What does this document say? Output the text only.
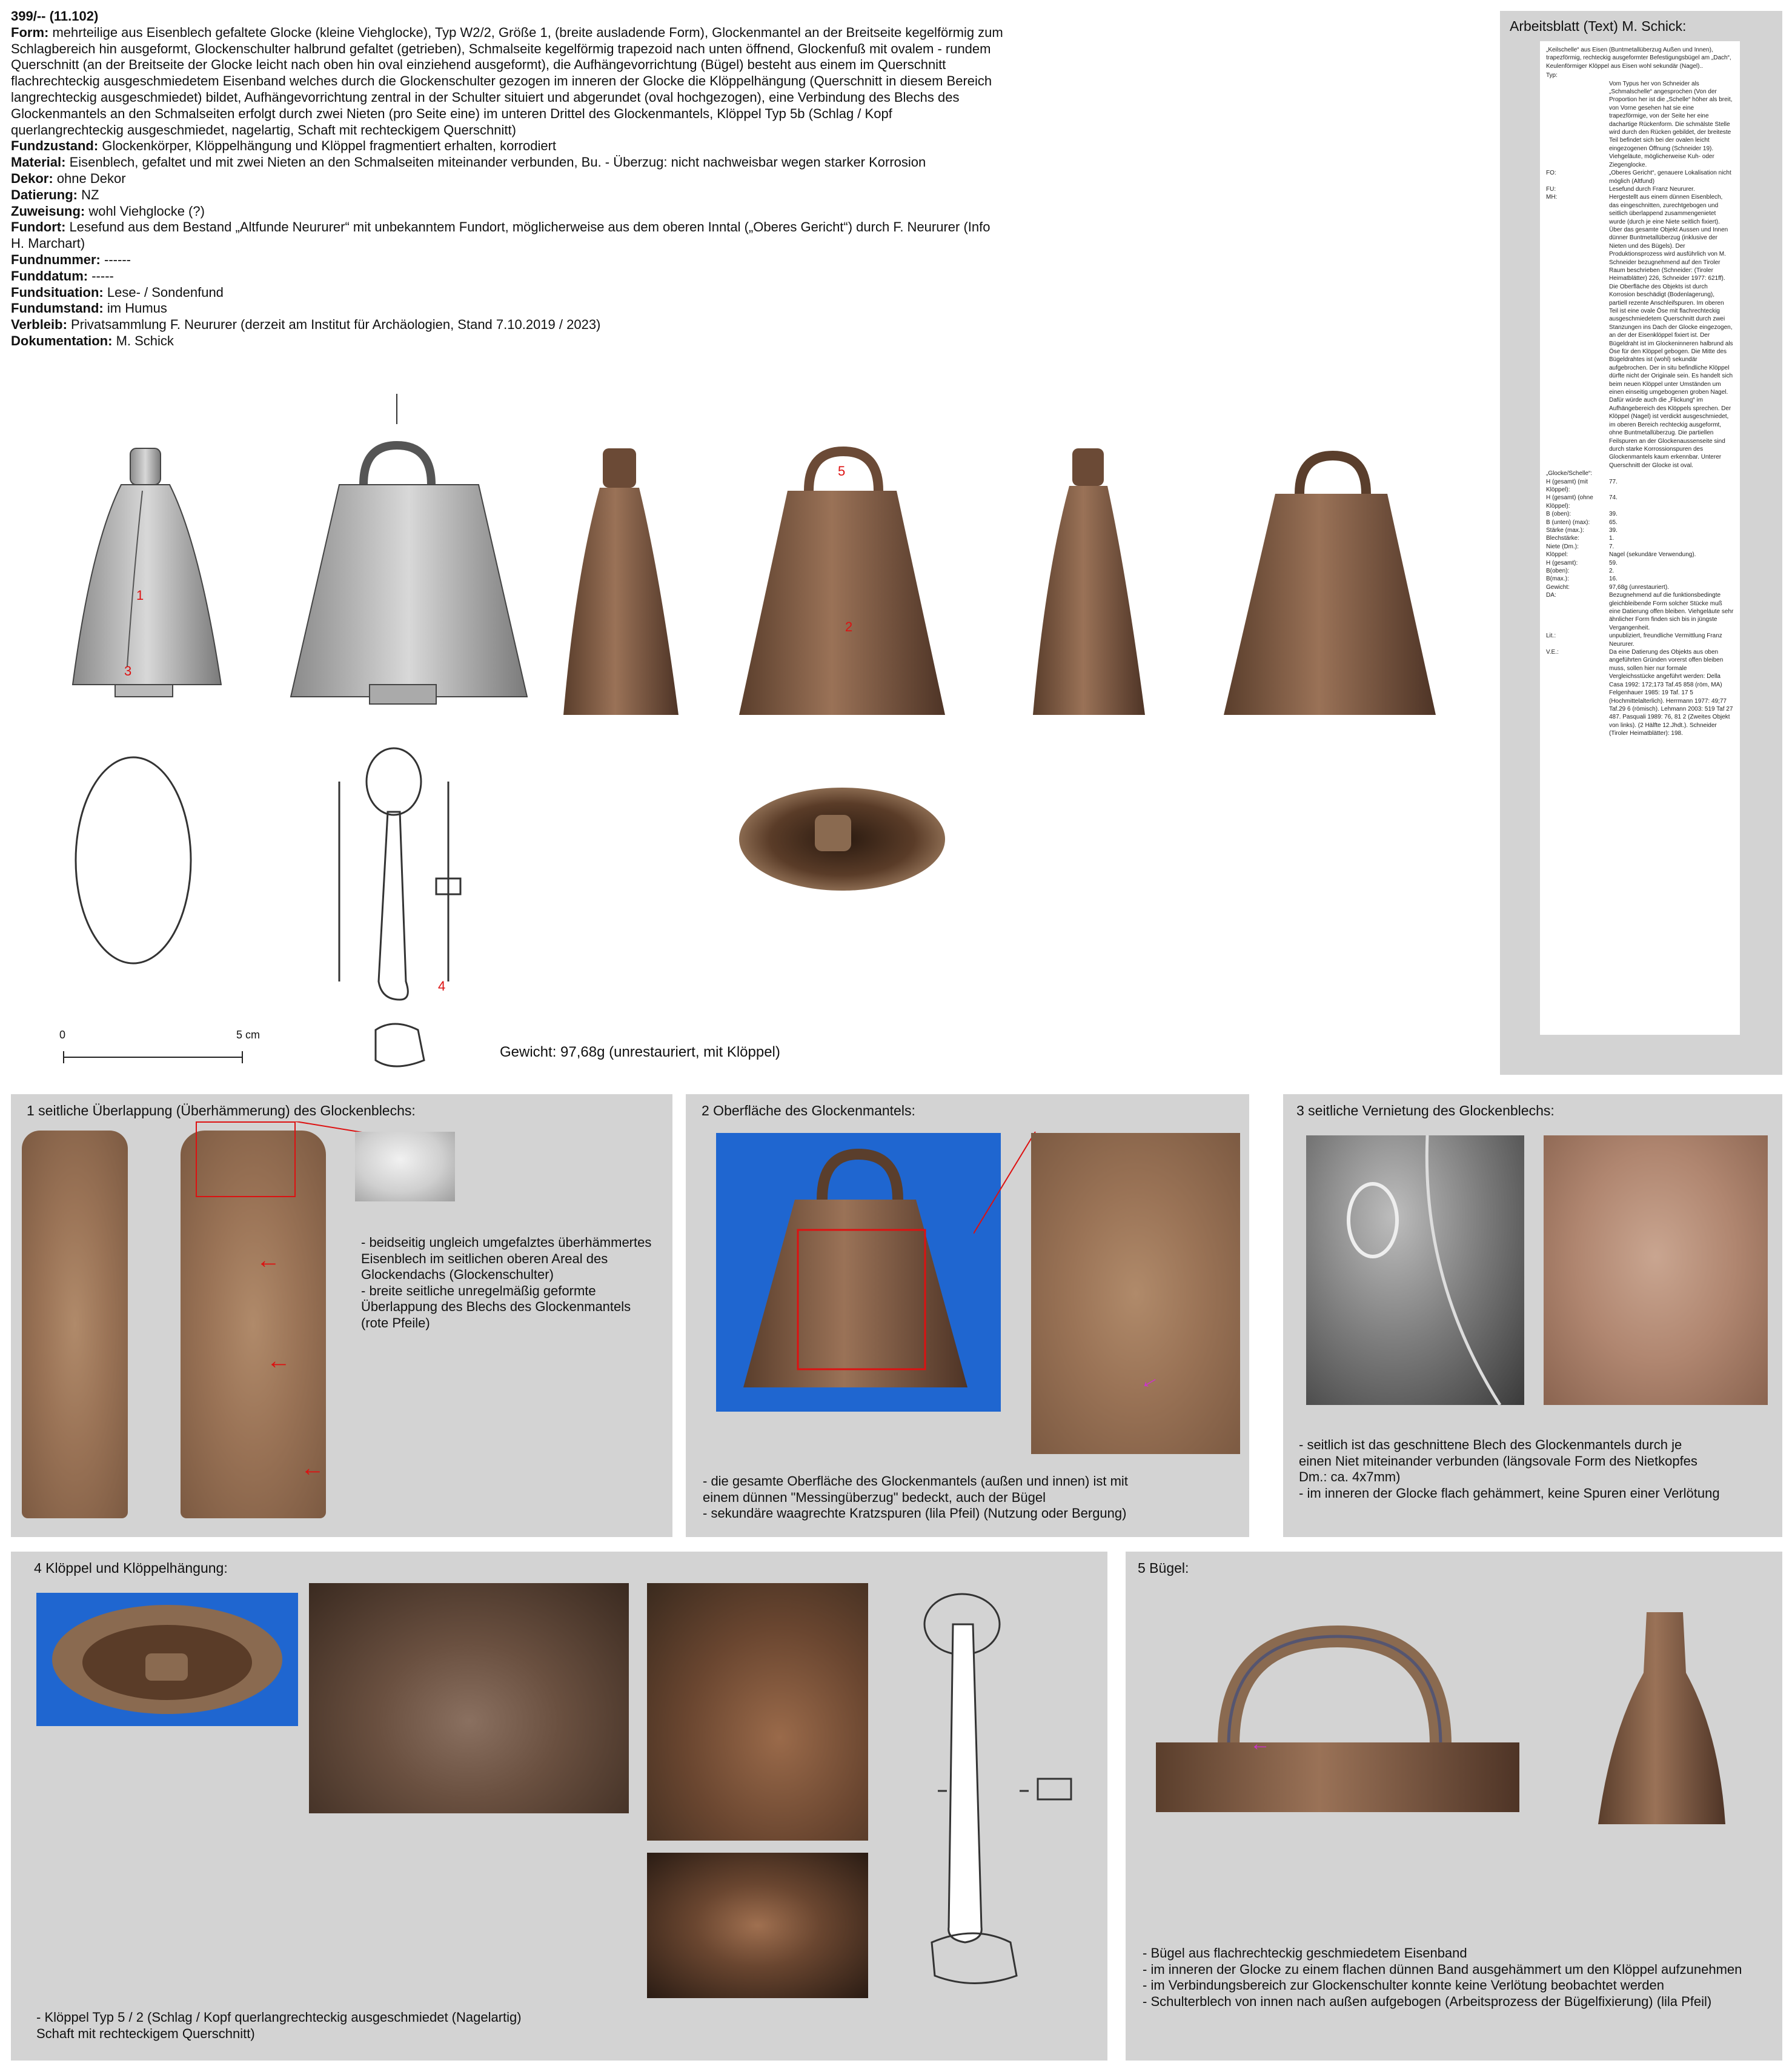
399/-- (11.102)
Form: mehrteilige aus Eisenblech gefaltete Glocke (kleine Viehglocke), Typ W2/2, Größe 1, (breite ausladende Form), Glockenmantel an der Breitseite kegelförmig zum Schlagbereich hin ausgeformt, Glockenschulter halbrund gefaltet (getrieben), Schmalseite kegelförmig trapezoid nach unten öffnend, Glockenfuß mit ovalem - rundem Querschnitt (an der Breitseite der Glocke leicht nach oben hin oval einziehend ausgeformt), die Aufhängevorrichtung (Bügel) besteht aus einem im Querschnitt flachrechteckig ausgeschmiedetem Eisenband welches durch die Glockenschulter gezogen im inneren der Glocke die Klöppelhängung (Querschnitt in diesem Bereich langrechteckig ausgeschmiedet) bildet, Aufhängevorrichtung zentral in der Schulter situiert und abgerundet (oval hochgezogen), eine Verbindung des Blechs des Glockenmantels an den Schmalseiten erfolgt durch zwei Nieten (pro Seite eine) im unteren Drittel des Glockenmantels, Klöppel Typ 5b (Schlag / Kopf querlangrechteckig ausgeschmiedet, nagelartig, Schaft mit rechteckigem Querschnitt)
Fundzustand: Glockenkörper, Klöppelhängung und Klöppel fragmentiert erhalten, korrodiert
Material: Eisenblech, gefaltet und mit zwei Nieten an den Schmalseiten miteinander verbunden, Bu. - Überzug: nicht nachweisbar wegen starker Korrosion
Dekor: ohne Dekor
Datierung: NZ
Zuweisung: wohl Viehglocke (?)
Fundort: Lesefund aus dem Bestand „Altfunde Neururer“ mit unbekanntem Fundort, möglicherweise aus dem oberen Inntal („Oberes Gericht“) durch F. Neururer (Info H. Marchart)
Fundnummer: ------
Funddatum: -----
Fundsituation: Lese- / Sondenfund
Fundumstand: im Humus
Verbleib: Privatsammlung F. Neururer (derzeit am Institut für Archäologien, Stand 7.10.2019 / 2023)
Dokumentation: M. Schick
Arbeitsblatt (Text) M. Schick:
„Keilschelle“ aus Eisen (Buntmetallüberzug Außen und Innen), trapezförmig, rechteckig ausgeformter Befestigungsbügel am „Dach“, Keulenförmiger Klöppel aus Eisen wohl sekundär (Nagel)..
Typ:
Vom Typus her von Schneider als „Schmalschelle“ angesprochen (Von der Proportion her ist die „Schelle“ höher als breit, von Vorne gesehen hat sie eine trapezförmige, von der Seite her eine dachartige Rückenform. Die schmälste Stelle wird durch den Rücken gebildet, der breiteste Teil befindet sich bei der ovalen leicht eingezogenen Öffnung (Schneider 19). Viehgeläute, möglicherweise Kuh- oder Ziegenglocke.
FO:	„Oberes Gericht“, genauere Lokalisation nicht möglich (Altfund)
FU:	Lesefund durch Franz Neururer.
MH:	Hergestellt aus einem dünnen Eisenblech, das eingeschnitten, zurechtgebogen und seitlich überlappend zusammengenietet wurde (durch je eine Niete seitlich fixiert). Über das gesamte Objekt Aussen und Innen dünner Buntmetallüberzug (inklusive der Nieten und des Bügels). Der Produktionsprozess wird ausführlich von M. Schneider bezugnehmend auf den Tiroler Raum beschrieben (Schneider: (Tiroler Heimatblätter) 226, Schneider 1977: 621ff). Die Oberfläche des Objekts ist durch Korrosion beschädigt (Bodenlagerung), partiell rezente Anschleifspuren. Im oberen Teil ist eine ovale Öse mit flachrechteckig ausgeschmiedetem Querschnitt durch zwei Stanzungen ins Dach der Glocke eingezogen, an der der Eisenklöppel fixiert ist. Der Bügeldraht ist im Glockeninneren halbrund als Öse für den Klöppel gebogen. Die Mitte des Bügeldrahtes ist (wohl) sekundär aufgebrochen. Der in situ befindliche Klöppel dürfte nicht der Originale sein. Es handelt sich beim neuen Klöppel unter Umständen um einen einseitig umgebogenen groben Nagel. Dafür würde auch die „Flickung“ im Aufhängebereich des Klöppels sprechen. Der Klöppel (Nagel) ist verdickt ausgeschmiedet, im oberen Bereich rechteckig ausgeformt, ohne Buntmetallüberzug. Die partiellen Feilspuren an der Glockenaussenseite sind durch starke Korrossionspuren des Glockenmantels kaum erkennbar. Unterer Querschnitt der Glocke ist oval.
„Glocke/Schelle“:
H (gesamt) (mit Klöppel):
77.
H (gesamt) (ohne Klöppel):
74.
B (oben):	39.
B (unten) (max):	65.
Stärke (max.):	39.
Blechstärke:	1.
Niete (Dm.):	7.
Klöppel:	Nagel (sekundäre Verwendung).
H (gesamt):	59.
B(oben):	2.
B(max.):	16.
Gewicht:	97,68g (unrestauriert).
DA:	Bezugnehmend auf die funktionsbedingte gleichbleibende Form solcher Stücke muß eine Datierung offen bleiben. Viehgeläute sehr ähnlicher Form finden sich bis in jüngste Vergangenheit.
Lit.:	unpubliziert, freundliche Vermittlung Franz Neururer.
V.E.:	Da eine Datierung des Objekts aus oben angeführten Gründen vorerst offen bleiben muss, sollen hier nur formale Vergleichsstücke angeführt werden: Della Casa 1992: 172;173 Taf.45 858 (röm, MA) Felgenhauer 1985: 19 Taf. 17 5 (Hochmittelalterlich). Herrmann 1977: 49;77 Taf.29 6 (römisch). Lehmann 2003: 519 Taf 27 487. Pasquali 1989: 76, 81 2 (Zweites Objekt von links). (2 Hälfte 12.Jhdt.). Schneider (Tiroler Heimatblätter): 198.
0	5 cm
Gewicht: 97,68g (unrestauriert, mit Klöppel)
1
3
4
5
2
1 seitliche Überlappung (Überhämmerung) des Glockenblechs:
←
←
←
- beidseitig ungleich umgefalztes überhämmertes
Eisenblech im seitlichen oberen Areal des
Glockendachs (Glockenschulter)
- breite seitliche unregelmäßig geformte
Überlappung des Blechs des Glockenmantels
(rote Pfeile)
2 Oberfläche des Glockenmantels:
←
- die gesamte Oberfläche des Glockenmantels (außen und innen) ist mit
einem dünnen "Messingüberzug" bedeckt, auch der Bügel
- sekundäre waagrechte Kratzspuren (lila Pfeil) (Nutzung oder Bergung)
3 seitliche Vernietung des Glockenblechs:
- seitlich ist das geschnittene Blech des Glockenmantels durch je
einen Niet miteinander verbunden (längsovale Form des Nietkopfes
Dm.: ca. 4x7mm)
- im inneren der Glocke flach gehämmert, keine Spuren einer Verlötung
4 Klöppel und Klöppelhängung:
- Klöppel Typ 5 / 2 (Schlag / Kopf querlangrechteckig ausgeschmiedet (Nagelartig)
Schaft mit rechteckigem Querschnitt)
5 Bügel:
←
- Bügel aus flachrechteckig geschmiedetem Eisenband
- im inneren der Glocke zu einem flachen dünnen Band ausgehämmert um den Klöppel aufzunehmen
- im Verbindungsbereich zur Glockenschulter konnte keine Verlötung beobachtet werden
- Schulterblech von innen nach außen aufgebogen (Arbeitsprozess der Bügelfixierung) (lila Pfeil)
